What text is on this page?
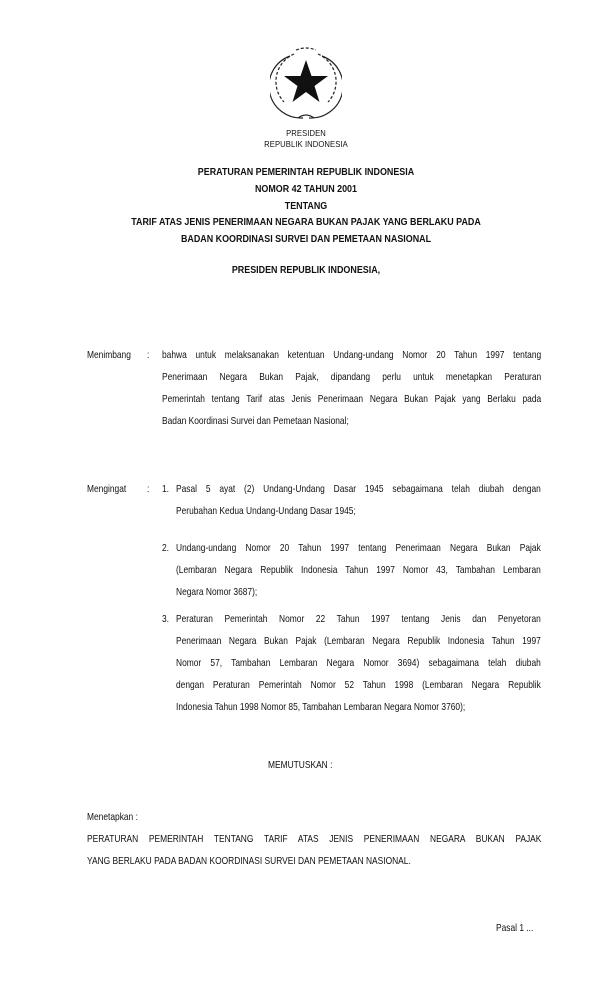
PRESIDEN
REPUBLIK INDONESIA
PERATURAN PEMERINTAH REPUBLIK INDONESIA
NOMOR 42 TAHUN 2001
TENTANG
TARIF ATAS JENIS PENERIMAAN NEGARA BUKAN PAJAK YANG BERLAKU PADA
BADAN KOORDINASI SURVEI DAN PEMETAAN NASIONAL
PRESIDEN REPUBLIK INDONESIA,
Menimbang : bahwa untuk melaksanakan ketentuan Undang-undang Nomor 20 Tahun 1997 tentang
Penerimaan Negara Bukan Pajak, dipandang perlu untuk menetapkan Peraturan
Pemerintah tentang Tarif atas Jenis Penerimaan Negara Bukan Pajak yang Berlaku pada
Badan Koordinasi Survei dan Pemetaan Nasional;
Mengingat : 1. Pasal 5 ayat (2) Undang-Undang Dasar 1945 sebagaimana telah diubah dengan
Perubahan Kedua Undang-Undang Dasar 1945;
2. Undang-undang Nomor 20 Tahun 1997 tentang Penerimaan Negara Bukan Pajak
(Lembaran Negara Republik Indonesia Tahun 1997 Nomor 43, Tambahan Lembaran
Negara Nomor 3687);
3. Peraturan Pemerintah Nomor 22 Tahun 1997 tentang Jenis dan Penyetoran
Penerimaan Negara Bukan Pajak (Lembaran Negara Republik Indonesia Tahun 1997
Nomor 57, Tambahan Lembaran Negara Nomor 3694) sebagaimana telah diubah
dengan Peraturan Pemerintah Nomor 52 Tahun 1998 (Lembaran Negara Republik
Indonesia Tahun 1998 Nomor 85, Tambahan Lembaran Negara Nomor 3760);
MEMUTUSKAN :
Menetapkan :
PERATURAN PEMERINTAH TENTANG TARIF ATAS JENIS PENERIMAAN NEGARA BUKAN PAJAK
YANG BERLAKU PADA BADAN KOORDINASI SURVEI DAN PEMETAAN NASIONAL.
Pasal 1 ...
